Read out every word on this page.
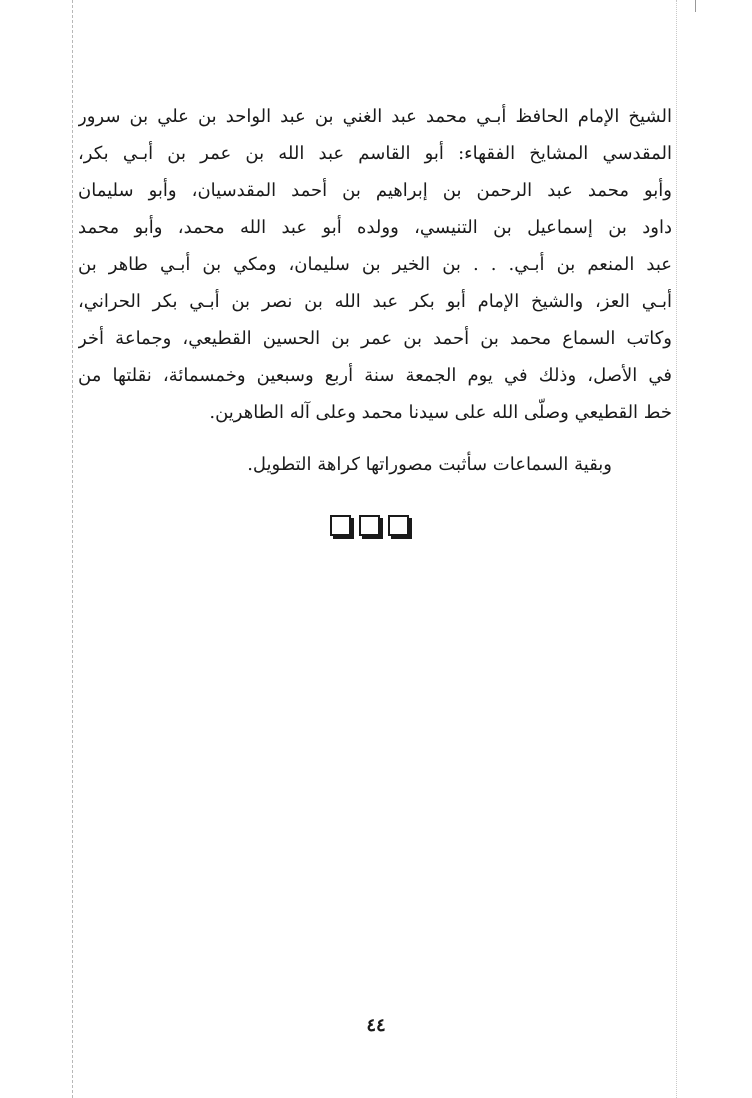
الشيخ الإمام الحافظ أبـي محمد عبد الغني بن عبد الواحد بن علي بن سرور
المقدسي المشايخ الفقهاء: أبو القاسم عبد الله بن عمر بن أبـي بكر،
وأبو محمد عبد الرحمن بن إبراهيم بن أحمد المقدسيان، وأبو سليمان
داود بن إسماعيل بن التنيسي، وولده أبو عبد الله محمد، وأبو محمد
عبد المنعم بن أبـي. . . بن الخير بن سليمان، ومكي بن أبـي طاهر بن
أبـي العز، والشيخ الإمام أبو بكر عبد الله بن نصر بن أبـي بكر الحراني،
وكاتب السماع محمد بن أحمد بن عمر بن الحسين القطيعي، وجماعة أخر
في الأصل، وذلك في يوم الجمعة سنة أربع وسبعين وخمسمائة، نقلتها من
خط القطيعي وصلّى الله على سيدنا محمد وعلى آله الطاهرين.
وبقية السماعات سأثبت مصوراتها كراهة التطويل.
٤٤
